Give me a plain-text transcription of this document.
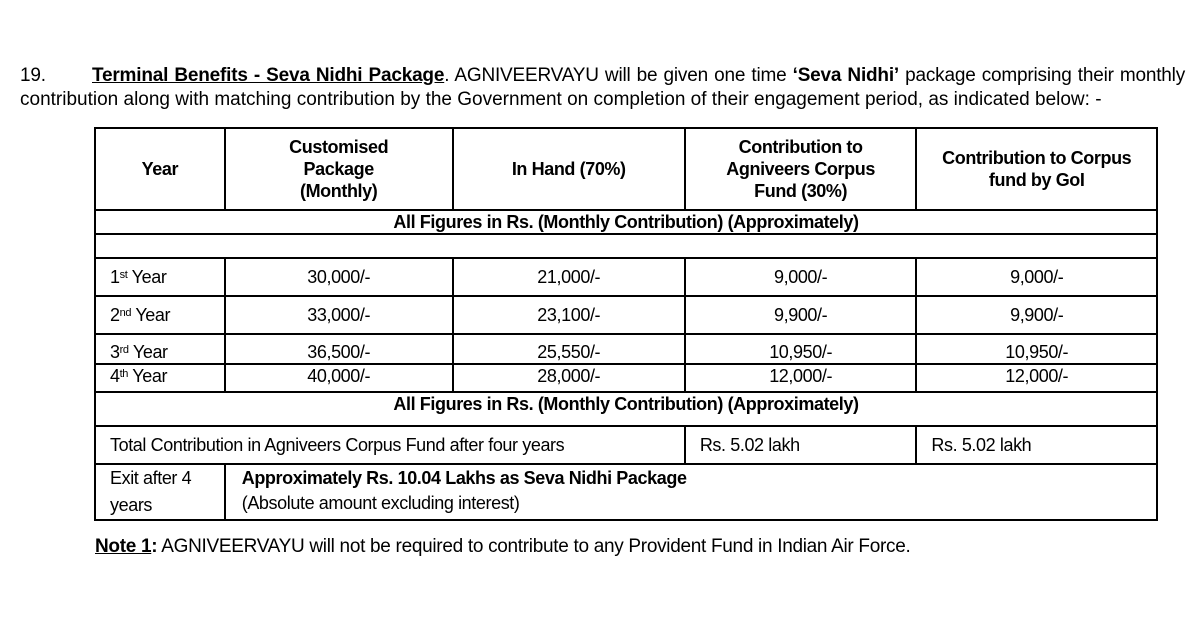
19. Terminal Benefits - Seva Nidhi Package. AGNIVEERVAYU will be given one time ‘Seva Nidhi’ package comprising their monthly
contribution along with matching contribution by the Government on completion of their engagement period, as indicated below: -
Year	Customised Package (Monthly)	In Hand (70%)	Contribution to Agniveers Corpus Fund (30%)	Contribution to Corpus fund by GoI
All Figures in Rs. (Monthly Contribution) (Approximately)				

1st Year	30,000/-	21,000/-	9,000/-	9,000/-
2nd Year	33,000/-	23,100/-	9,900/-	9,900/-
3rd Year	36,500/-	25,550/-	10,950/-	10,950/-
4th Year	40,000/-	28,000/-	12,000/-	12,000/-
All Figures in Rs. (Monthly Contribution) (Approximately)				
Total Contribution in Agniveers Corpus Fund after four years			Rs. 5.02 lakh	Rs. 5.02 lakh
Exit after 4 years	Approximately Rs. 10.04 Lakhs as Seva Nidhi Package
(Absolute amount excluding interest)			
Note 1: AGNIVEERVAYU will not be required to contribute to any Provident Fund in Indian Air Force.
